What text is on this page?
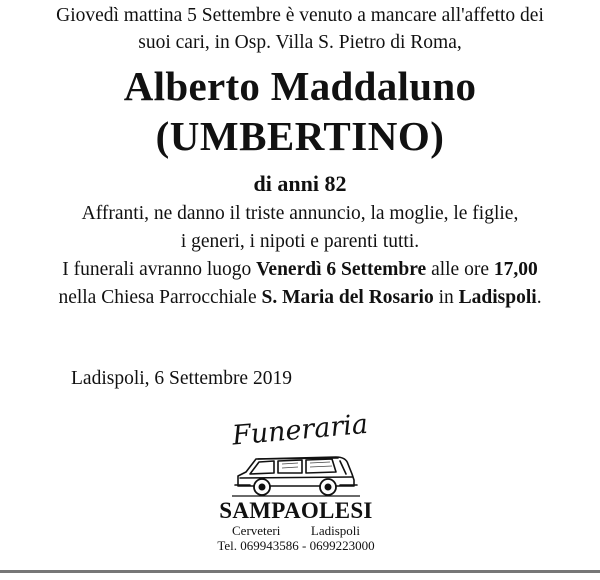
Giovedì mattina 5 Settembre è venuto a mancare all'affetto dei
suoi cari, in Osp. Villa S. Pietro di Roma,

Alberto Maddaluno
(UMBERTINO)

di anni 82

Affranti, ne danno il triste annuncio, la moglie, le figlie,
i generi, i nipoti e parenti tutti.
I funerali avranno luogo Venerdì 6 Settembre alle ore 17,00
nella Chiesa Parrocchiale S. Maria del Rosario in Ladispoli.

Ladispoli, 6 Settembre 2019
Funeraria
SAMPAOLESI
Cerveteri Ladispoli
Tel. 069943586 - 0699223000
